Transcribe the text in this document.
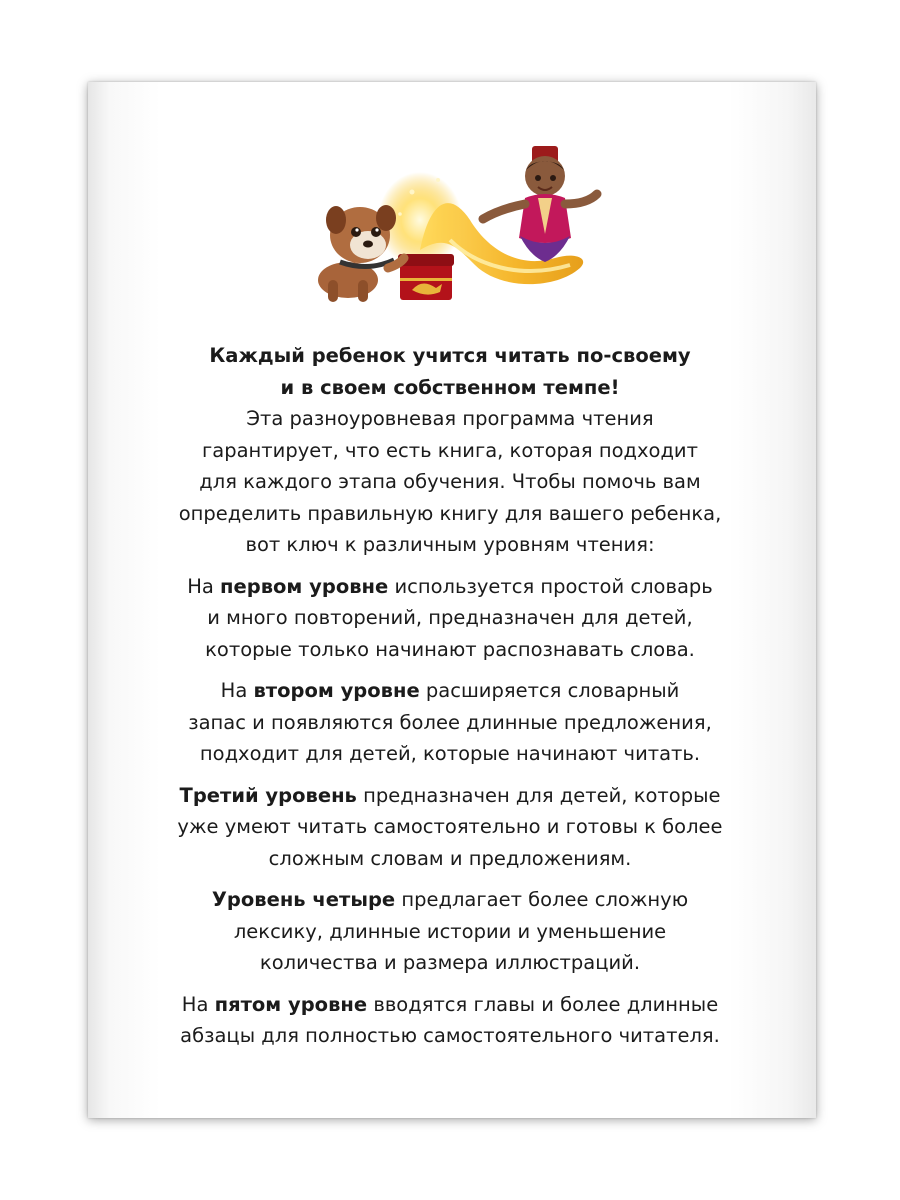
Каждый ребенок учится читать по-своему
и в своем собственном темпе!
Эта разноуровневая программа чтения
гарантирует, что есть книга, которая подходит
для каждого этапа обучения. Чтобы помочь вам
определить правильную книгу для вашего ребенка,
вот ключ к различным уровням чтения:

На первом уровне используется простой словарь
и много повторений, предназначен для детей,
которые только начинают распознавать слова.

На втором уровне расширяется словарный
запас и появляются более длинные предложения,
подходит для детей, которые начинают читать.

Третий уровень предназначен для детей, которые
уже умеют читать самостоятельно и готовы к более
сложным словам и предложениям.

Уровень четыре предлагает более сложную
лексику, длинные истории и уменьшение
количества и размера иллюстраций.

На пятом уровне вводятся главы и более длинные
абзацы для полностью самостоятельного читателя.
